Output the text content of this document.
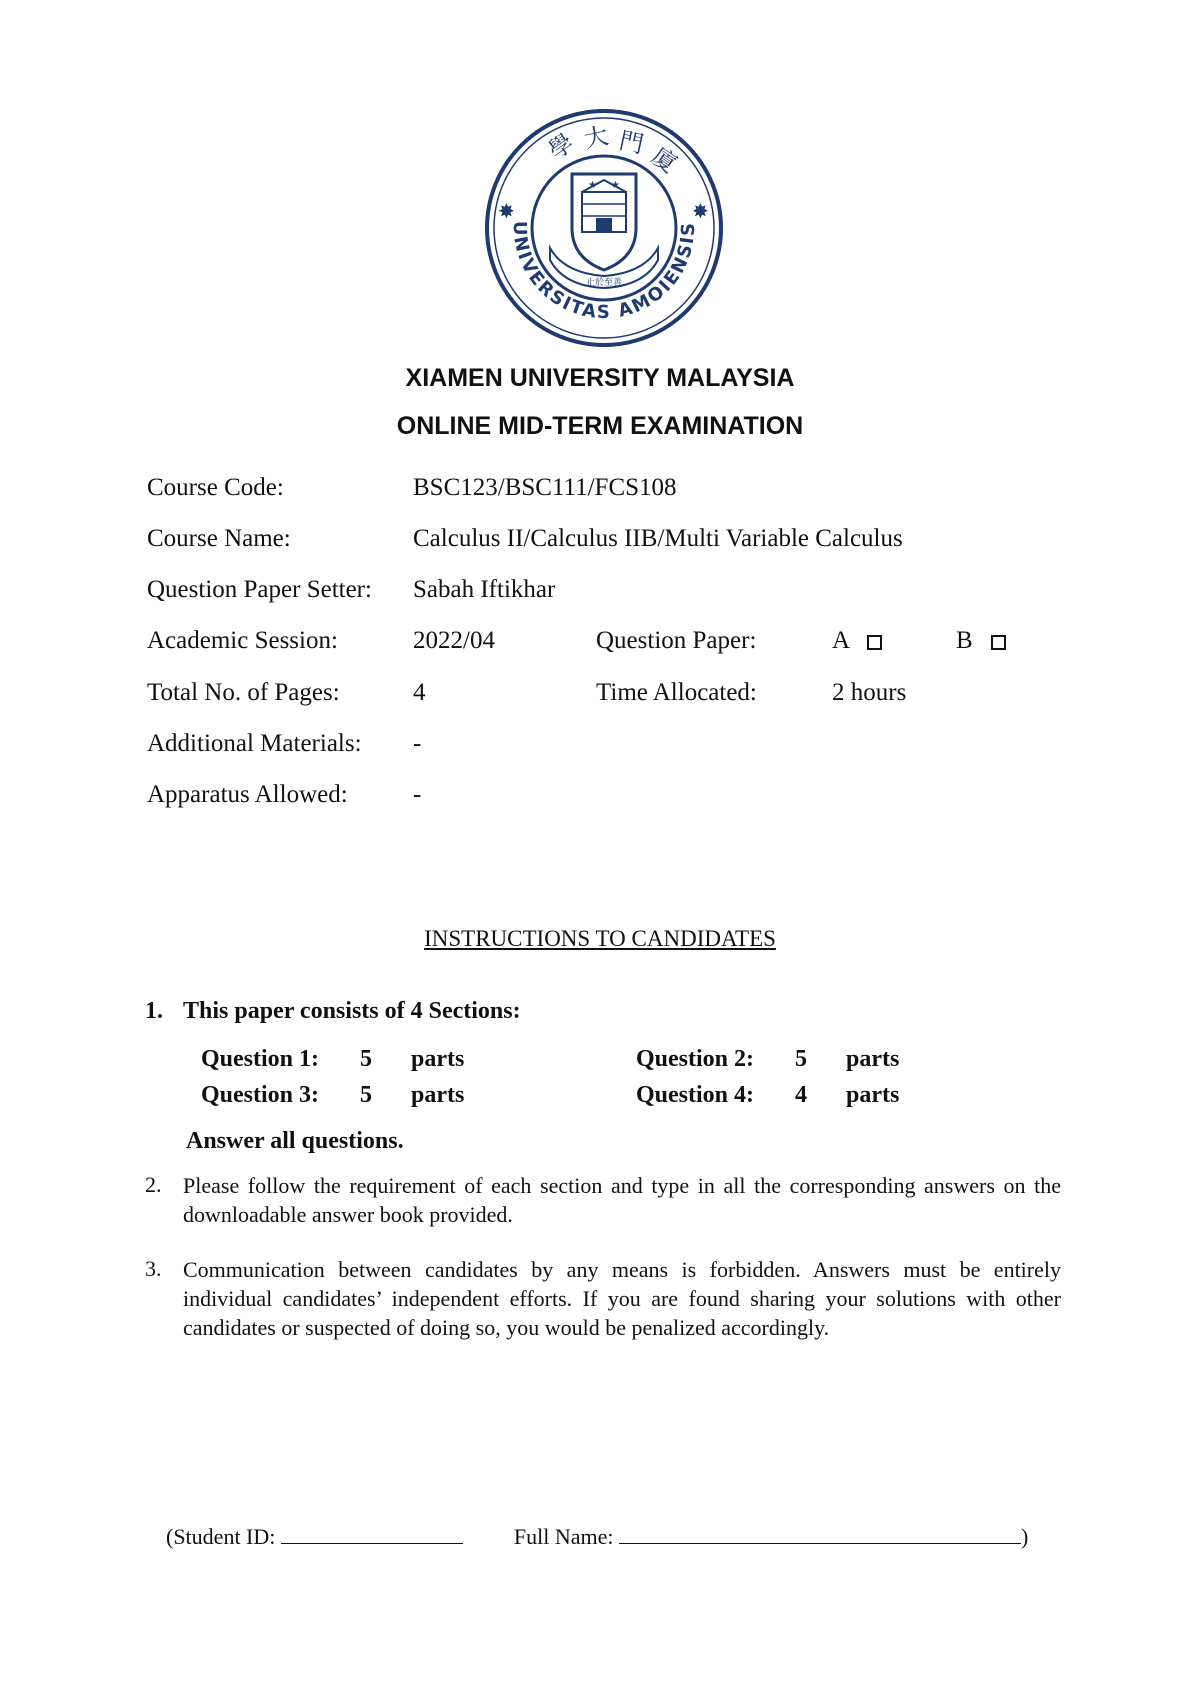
UNIVERSITAS AMOIENSIS
學 大 門 廈
✸	✸
★ ★
止於至善
XIAMEN UNIVERSITY MALAYSIA
ONLINE MID-TERM EXAMINATION
Course Code:	BSC123/BSC111/FCS108
Course Name:	Calculus II/Calculus IIB/Multi Variable Calculus
Question Paper Setter: Sabah Iftikhar
Academic Session:	2022/04	Question Paper:	A	B
Total No. of Pages:	4	Time Allocated:	2 hours
Additional Materials: -
Apparatus Allowed:	-
INSTRUCTIONS TO CANDIDATES
1. This paper consists of 4 Sections:
Question 1: 5 parts	Question 2: 5 parts
Question 3: 5 parts	Question 4: 4 parts
Answer all questions.
2. Please follow the requirement of each section and type in all the corresponding answers on the downloadable answer book provided.
3. Communication between candidates by any means is forbidden. Answers must be entirely individual candidates’ independent efforts. If you are found sharing your solutions with other candidates or suspected of doing so, you would be penalized accordingly.
(Student ID:	Full Name:	)
